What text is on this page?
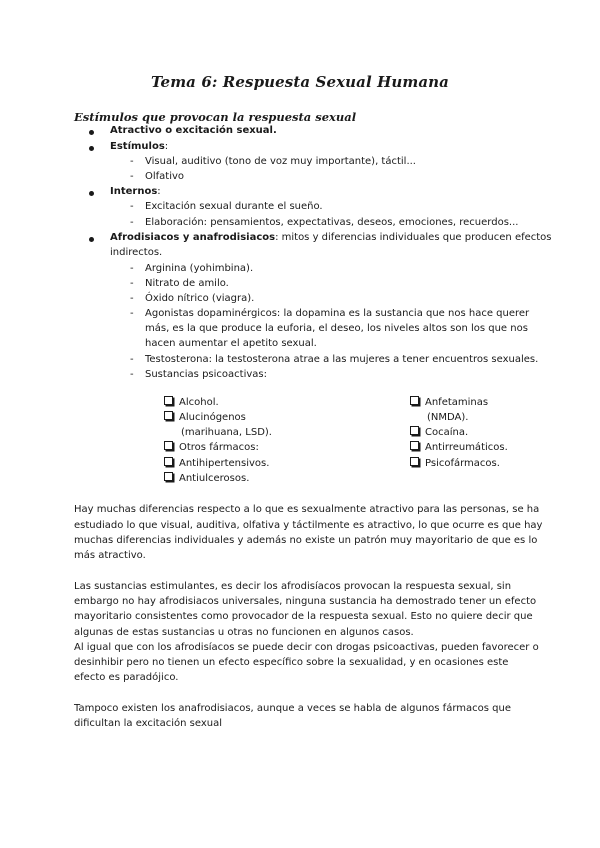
Tema 6: Respuesta Sexual Humana
Estímulos que provocan la respuesta sexual
Atractivo o excitación sexual.
Estímulos:
- Visual, auditivo (tono de voz muy importante), táctil...
- Olfativo
Internos:
- Excitación sexual durante el sueño.
- Elaboración: pensamientos, expectativas, deseos, emociones, recuerdos...
Afrodisiacos y anafrodisiacos: mitos y diferencias individuales que producen efectos
indirectos.
- Arginina (yohimbina).
- Nitrato de amilo.
- Óxido nítrico (viagra).
- Agonistas dopaminérgicos: la dopamina es la sustancia que nos hace querer
más, es la que produce la euforia, el deseo, los niveles altos son los que nos
hacen aumentar el apetito sexual.
- Testosterona: la testosterona atrae a las mujeres a tener encuentros sexuales.
- Sustancias psicoactivas:
Alcohol.
Alucinógenos
(marihuana, LSD).
Otros fármacos:
Antihipertensivos.
Antiulcerosos.
Anfetaminas
(NMDA).
Cocaína.
Antirreumáticos.
Psicofármacos.
Hay muchas diferencias respecto a lo que es sexualmente atractivo para las personas, se ha
estudiado lo que visual, auditiva, olfativa y táctilmente es atractivo, lo que ocurre es que hay
muchas diferencias individuales y además no existe un patrón muy mayoritario de que es lo
más atractivo.
Las sustancias estimulantes, es decir los afrodisíacos provocan la respuesta sexual, sin
embargo no hay afrodisiacos universales, ninguna sustancia ha demostrado tener un efecto
mayoritario consistentes como provocador de la respuesta sexual. Esto no quiere decir que
algunas de estas sustancias u otras no funcionen en algunos casos.
Al igual que con los afrodisíacos se puede decir con drogas psicoactivas, pueden favorecer o
desinhibir pero no tienen un efecto específico sobre la sexualidad, y en ocasiones este
efecto es paradójico.
Tampoco existen los anafrodisiacos, aunque a veces se habla de algunos fármacos que
dificultan la excitación sexual
